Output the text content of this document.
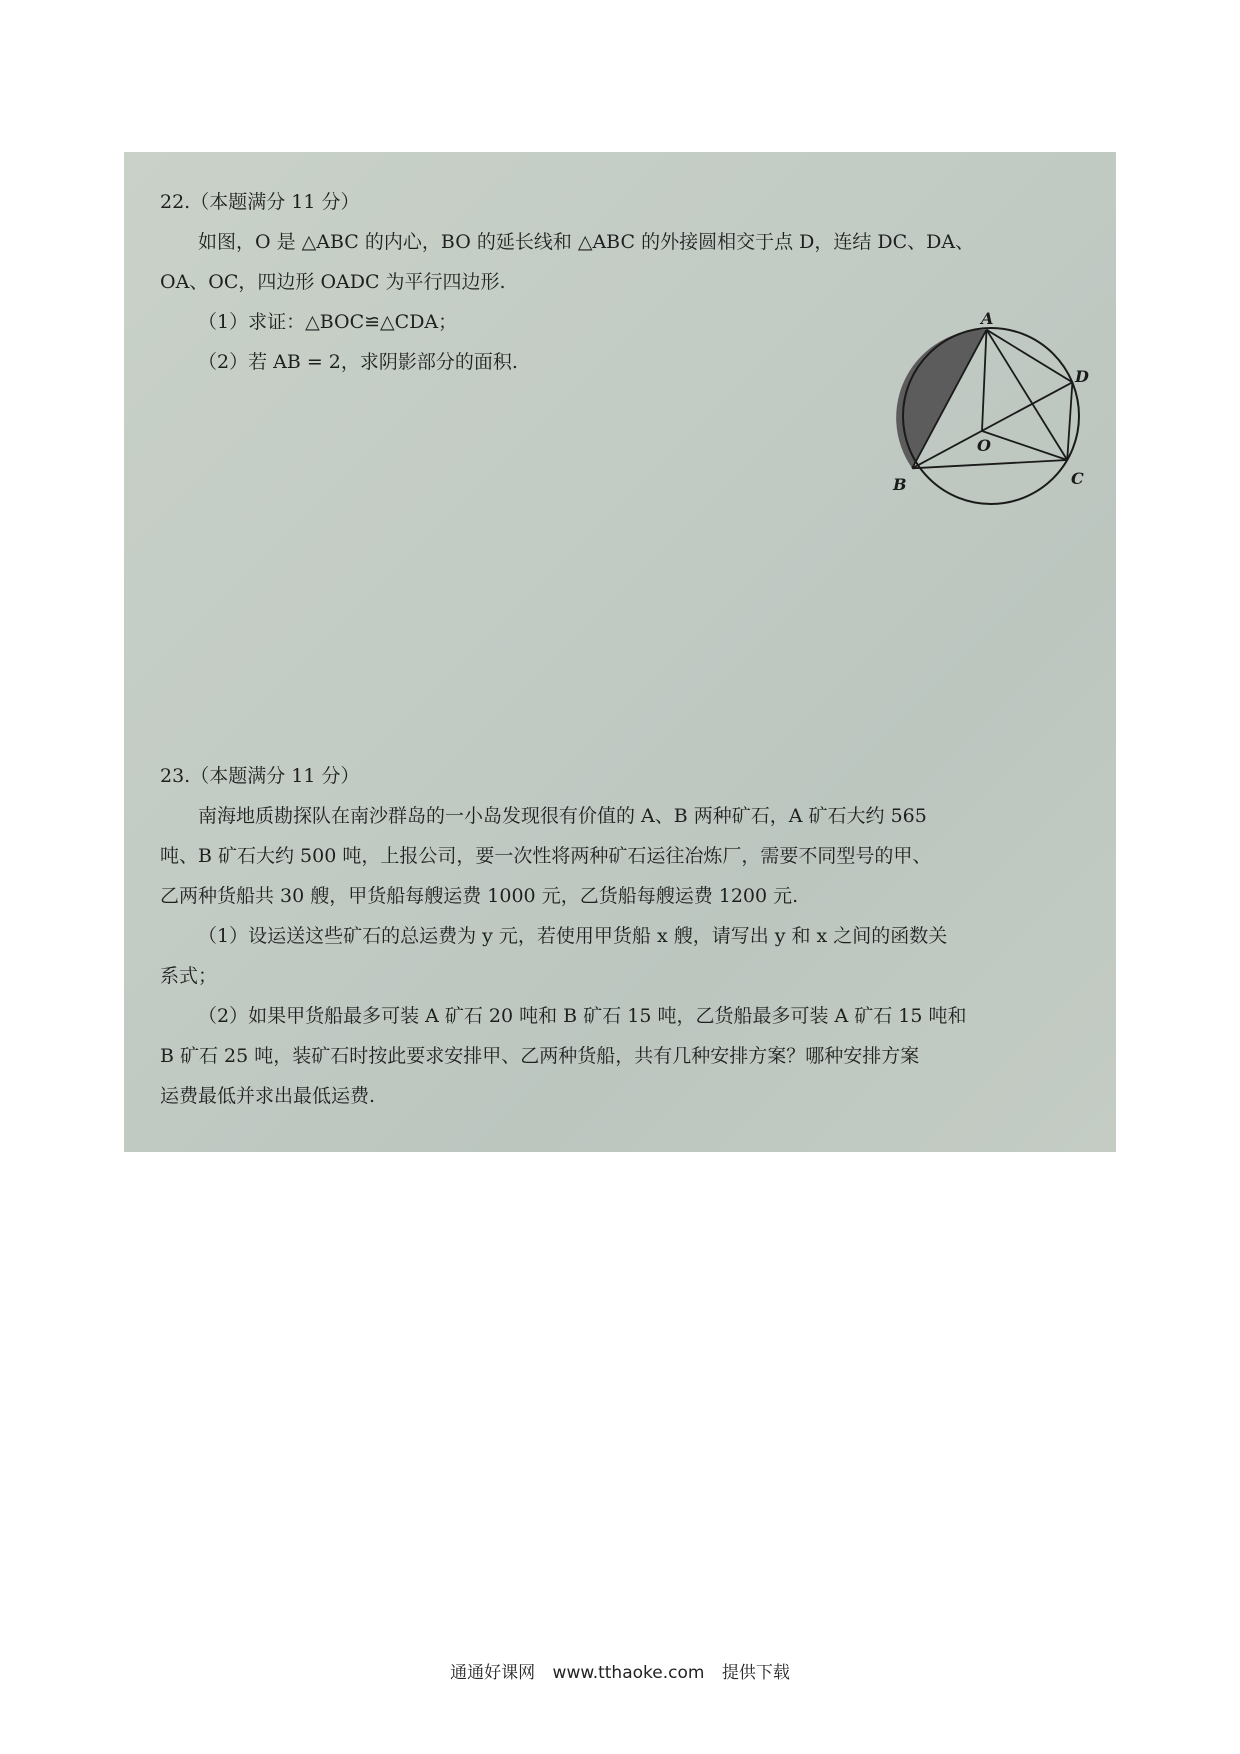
22.（本题满分 11 分）

如图，O 是 △ABC 的内心，BO 的延长线和 △ABC 的外接圆相交于点 D，连结 DC、DA、

OA、OC，四边形 OADC 为平行四边形.

（1）求证：△BOC≌△CDA；

（2）若 AB = 2，求阴影部分的面积.

A
B	C
D
O

23.（本题满分 11 分）

南海地质勘探队在南沙群岛的一小岛发现很有价值的 A、B 两种矿石，A 矿石大约 565

吨、B 矿石大约 500 吨，上报公司，要一次性将两种矿石运往冶炼厂，需要不同型号的甲、

乙两种货船共 30 艘，甲货船每艘运费 1000 元，乙货船每艘运费 1200 元.

（1）设运送这些矿石的总运费为 y 元，若使用甲货船 x 艘，请写出 y 和 x 之间的函数关

系式；

（2）如果甲货船最多可装 A 矿石 20 吨和 B 矿石 15 吨，乙货船最多可装 A 矿石 15 吨和

B 矿石 25 吨，装矿石时按此要求安排甲、乙两种货船，共有几种安排方案？哪种安排方案

运费最低并求出最低运费.

通通好课网 www.tthaoke.com 提供下载
